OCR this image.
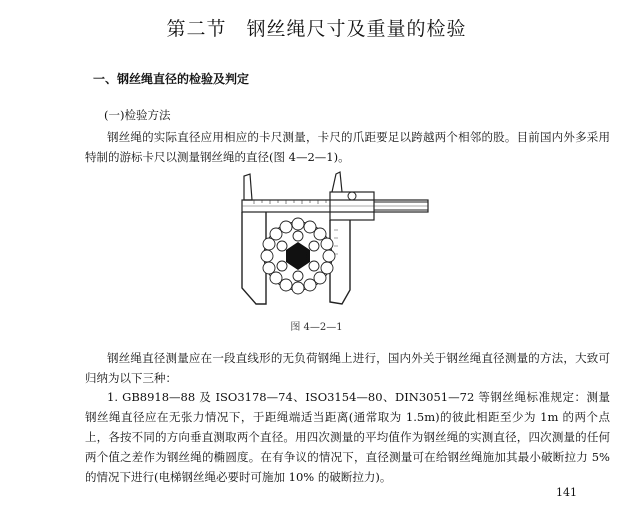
第二节　钢丝绳尺寸及重量的检验
一、钢丝绳直径的检验及判定
(一)检验方法

钢丝绳的实际直径应用相应的卡尺测量，卡尺的爪距要足以跨越两个相邻的股。目前国内外多采用特制的游标卡尺以测量钢丝绳的直径(图 4—2—1)。

图 4—2—1

钢丝绳直径测量应在一段直线形的无负荷钢绳上进行，国内外关于钢丝绳直径测量的方法，大致可归纳为以下三种：

1. GB8918—88 及 ISO3178—74、ISO3154—80、DIN3051—72 等钢丝绳标准规定：测量钢丝绳直径应在无张力情况下，于距绳端适当距离(通常取为 1.5m)的彼此相距至少为 1m 的两个点上，各按不同的方向垂直测取两个直径。用四次测量的平均值作为钢丝绳的实测直径，四次测量的任何两个值之差作为钢丝绳的椭圆度。在有争议的情况下，直径测量可在给钢丝绳施加其最小破断拉力 5% 的情况下进行(电梯钢丝绳必要时可施加 10% 的破断拉力)。

141
